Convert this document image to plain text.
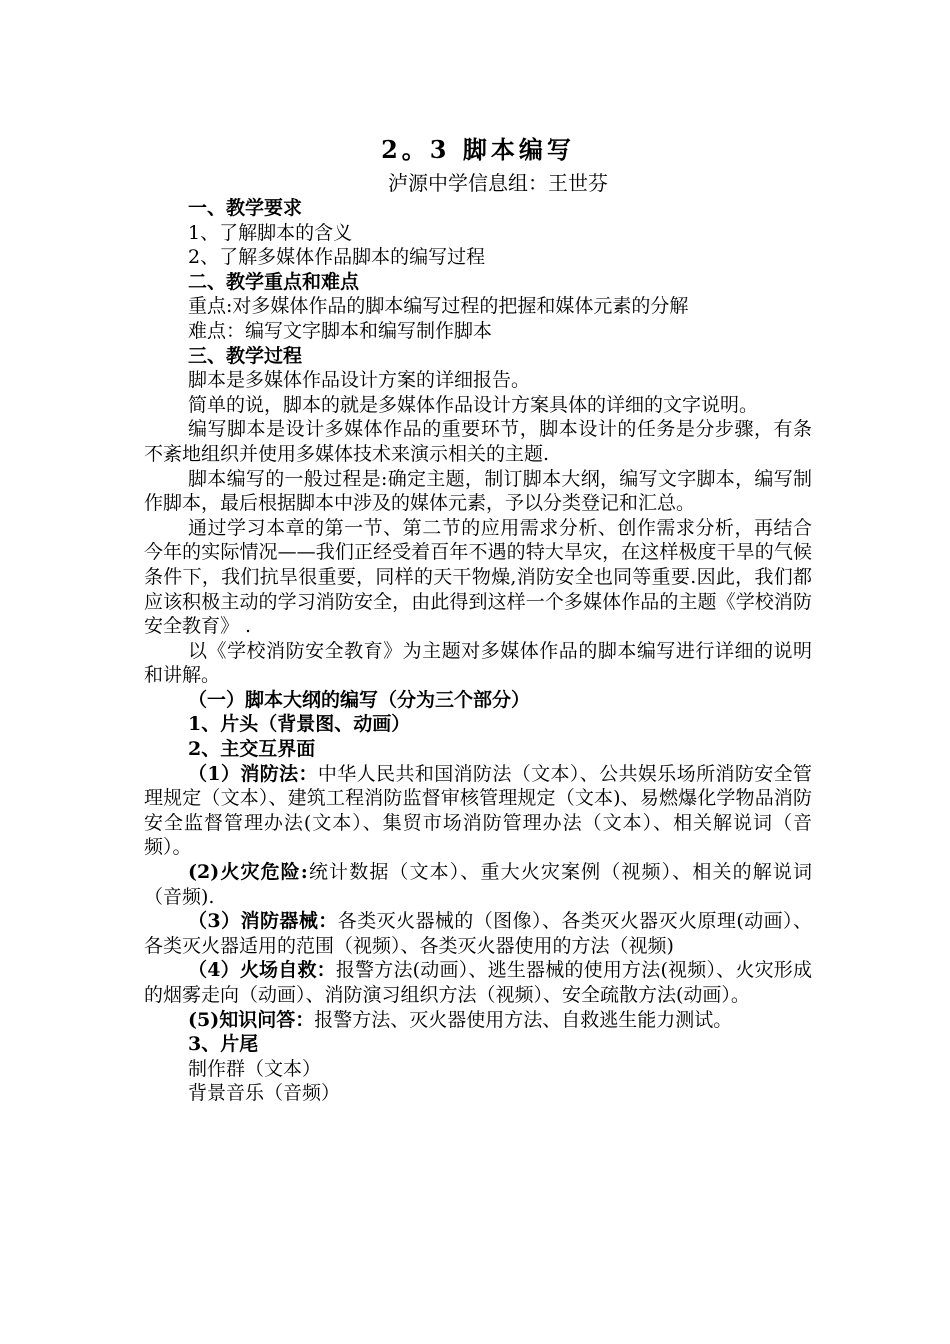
2。3 脚本编写

泸源中学信息组：王世芬

一、教学要求

1、了解脚本的含义

2、了解多媒体作品脚本的编写过程

二、教学重点和难点

重点:对多媒体作品的脚本编写过程的把握和媒体元素的分解

难点：编写文字脚本和编写制作脚本

三、教学过程

脚本是多媒体作品设计方案的详细报告。

简单的说，脚本的就是多媒体作品设计方案具体的详细的文字说明。

编写脚本是设计多媒体作品的重要环节，脚本设计的任务是分步骤，有条不紊地组织并使用多媒体技术来演示相关的主题.

脚本编写的一般过程是:确定主题，制订脚本大纲，编写文字脚本，编写制作脚本，最后根据脚本中涉及的媒体元素，予以分类登记和汇总。

通过学习本章的第一节、第二节的应用需求分析、创作需求分析，再结合今年的实际情况——我们正经受着百年不遇的特大旱灾，在这样极度干旱的气候条件下，我们抗旱很重要，同样的天干物燥,消防安全也同等重要.因此，我们都应该积极主动的学习消防安全，由此得到这样一个多媒体作品的主题《学校消防安全教育》 .

以《学校消防安全教育》为主题对多媒体作品的脚本编写进行详细的说明和讲解。

（一）脚本大纲的编写（分为三个部分）

1、片头（背景图、动画）

2、主交互界面

（1）消防法：中华人民共和国消防法（文本）、公共娱乐场所消防安全管理规定（文本）、建筑工程消防监督审核管理规定（文本)、易燃爆化学物品消防安全监督管理办法(文本）、集贸市场消防管理办法（文本）、相关解说词（音频）。

(2)火灾危险:统计数据（文本）、重大火灾案例（视频）、相关的解说词（音频).

（3）消防器械：各类灭火器械的（图像）、各类灭火器灭火原理(动画）、各类灭火器适用的范围（视频）、各类灭火器使用的方法（视频)

（4）火场自救：报警方法(动画）、逃生器械的使用方法(视频）、火灾形成的烟雾走向（动画）、消防演习组织方法（视频）、安全疏散方法(动画）。

(5)知识问答：报警方法、灭火器使用方法、自救逃生能力测试。

3、片尾

制作群（文本）

背景音乐（音频）
